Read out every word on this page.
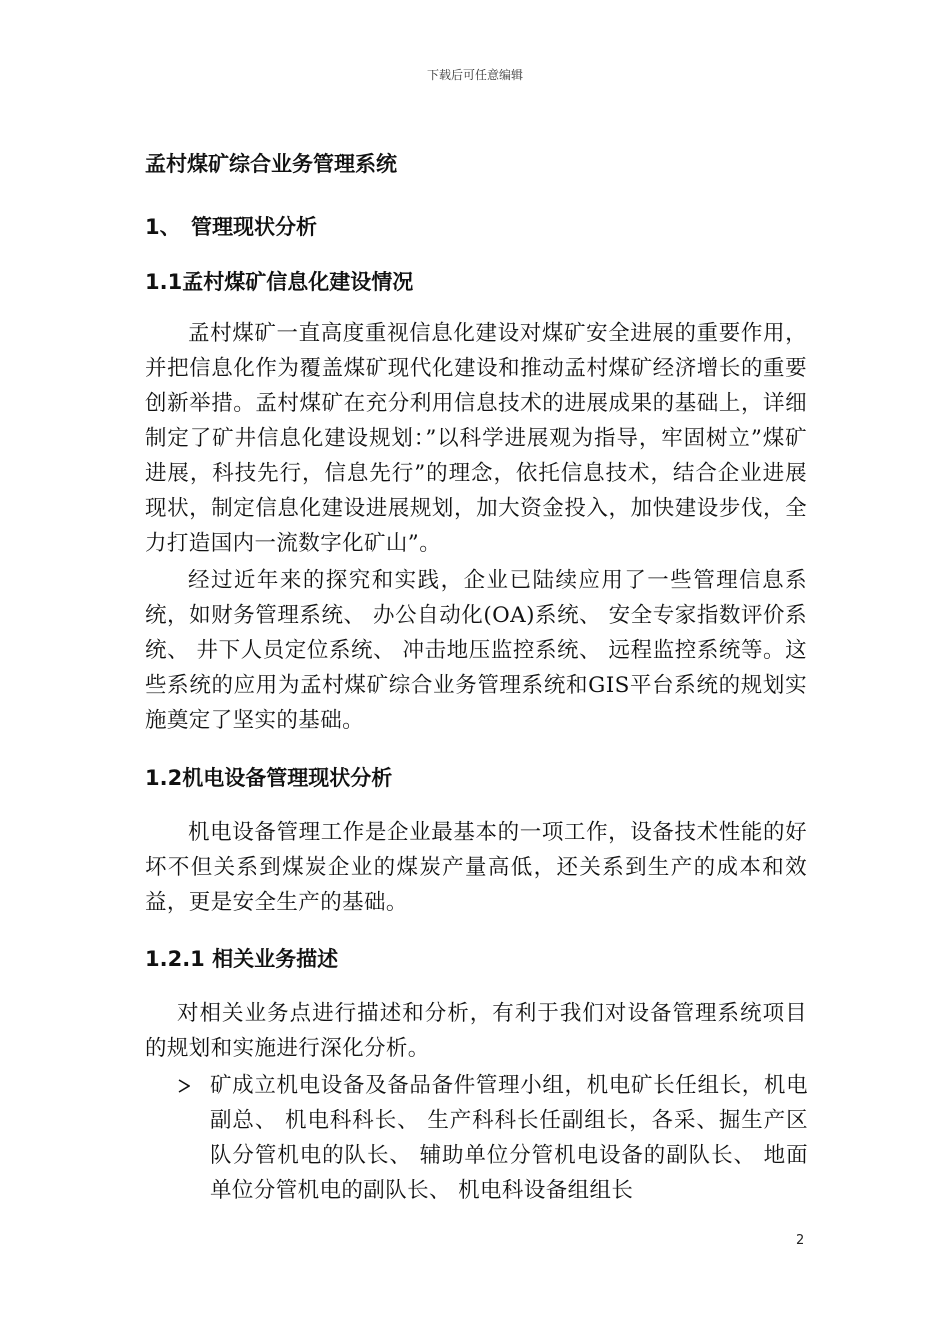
下载后可任意编辑
孟村煤矿综合业务管理系统
1、 管理现状分析
1.1孟村煤矿信息化建设情况

孟村煤矿一直高度重视信息化建设对煤矿安全进展的重要作用，并把信息化作为覆盖煤矿现代化建设和推动孟村煤矿经济增长的重要创新举措。孟村煤矿在充分利用信息技术的进展成果的基础上，详细制定了矿井信息化建设规划：”以科学进展观为指导，牢固树立”煤矿进展，科技先行，信息先行”的理念，依托信息技术，结合企业进展现状，制定信息化建设进展规划，加大资金投入，加快建设步伐，全力打造国内一流数字化矿山”。

经过近年来的探究和实践，企业已陆续应用了一些管理信息系统，如财务管理系统、 办公自动化(OA)系统、 安全专家指数评价系统、 井下人员定位系统、 冲击地压监控系统、 远程监控系统等。这些系统的应用为孟村煤矿综合业务管理系统和GIS平台系统的规划实施奠定了坚实的基础。

1.2机电设备管理现状分析

机电设备管理工作是企业最基本的一项工作，设备技术性能的好坏不但关系到煤炭企业的煤炭产量高低，还关系到生产的成本和效益，更是安全生产的基础。

1.2.1 相关业务描述

对相关业务点进行描述和分析，有利于我们对设备管理系统项目的规划和实施进行深化分析。

矿成立机电设备及备品备件管理小组，机电矿长任组长，机电副总、 机电科科长、 生产科科长任副组长，各采、掘生产区队分管机电的队长、 辅助单位分管机电设备的副队长、 地面单位分管机电的副队长、 机电科设备组组长

2
